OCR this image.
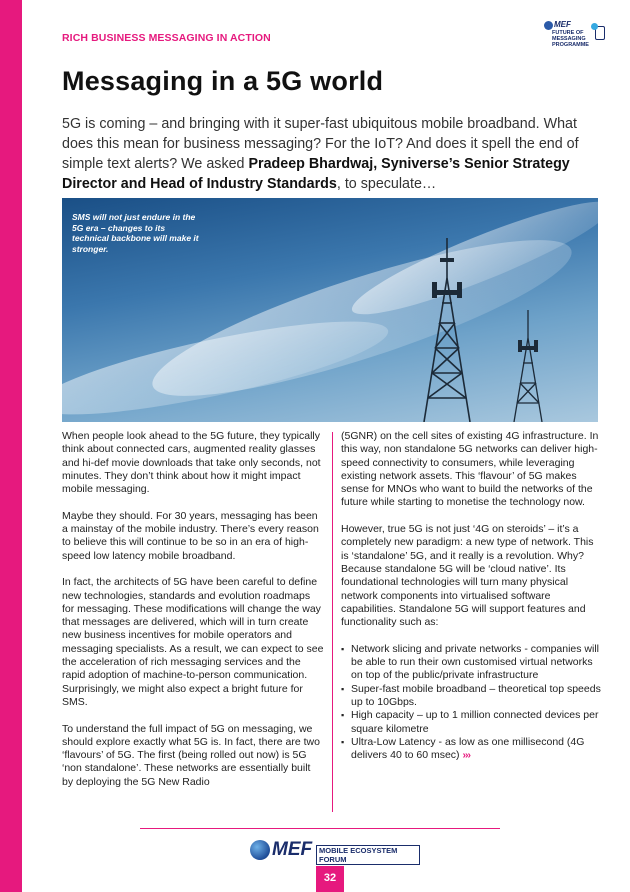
RICH BUSINESS MESSAGING IN ACTION
MEF
FUTURE OF
MESSAGING
PROGRAMME
Messaging in a 5G world

5G is coming – and bringing with it super-fast ubiquitous mobile broadband. What does this mean for business messaging? For the IoT? And does it spell the end of simple text alerts? We asked Pradeep Bhardwaj, Syniverse’s Senior Strategy Director and Head of Industry Standards, to speculate…

SMS will not just endure in the 5G era – changes to its technical backbone will make it stronger.

When people look ahead to the 5G future, they typically think about connected cars, augmented reality glasses and hi-def movie downloads that take only seconds, not minutes. They don’t think about how it might impact mobile messaging.

Maybe they should. For 30 years, messaging has been a mainstay of the mobile industry. There’s every reason to believe this will continue to be so in an era of high-speed low latency mobile broadband.

In fact, the architects of 5G have been careful to define new technologies, standards and evolution roadmaps for messaging. These modifications will change the way that messages are delivered, which will in turn create new business incentives for mobile operators and messaging specialists. As a result, we can expect to see the acceleration of rich messaging services and the rapid adoption of machine-to-person communication. Surprisingly, we might also expect a bright future for SMS.

To understand the full impact of 5G on messaging, we should explore exactly what 5G is. In fact, there are two ‘flavours’ of 5G. The first (being rolled out now) is 5G ‘non standalone’. These networks are essentially built by deploying the 5G New Radio

(5GNR) on the cell sites of existing 4G infrastructure. In this way, non standalone 5G networks can deliver high-speed connectivity to consumers, while leveraging existing network assets. This ‘flavour’ of 5G makes sense for MNOs who want to build the networks of the future while starting to monetise the technology now.

However, true 5G is not just ‘4G on steroids’ – it’s a completely new paradigm: a new type of network. This is ‘standalone’ 5G, and it really is a revolution. Why? Because standalone 5G will be ‘cloud native’. Its foundational technologies will turn many physical network components into virtualised software capabilities. Standalone 5G will support features and functionality such as:

▪ Network slicing and private networks - companies will be able to run their own customised virtual networks on top of the public/private infrastructure
▪ Super-fast mobile broadband – theoretical top speeds up to 10Gbps.
▪ High capacity – up to 1 million connected devices per square kilometre
▪ Ultra-Low Latency - as low as one millisecond (4G delivers 40 to 60 msec) ›››
MEF MOBILE ECOSYSTEM FORUM
32
